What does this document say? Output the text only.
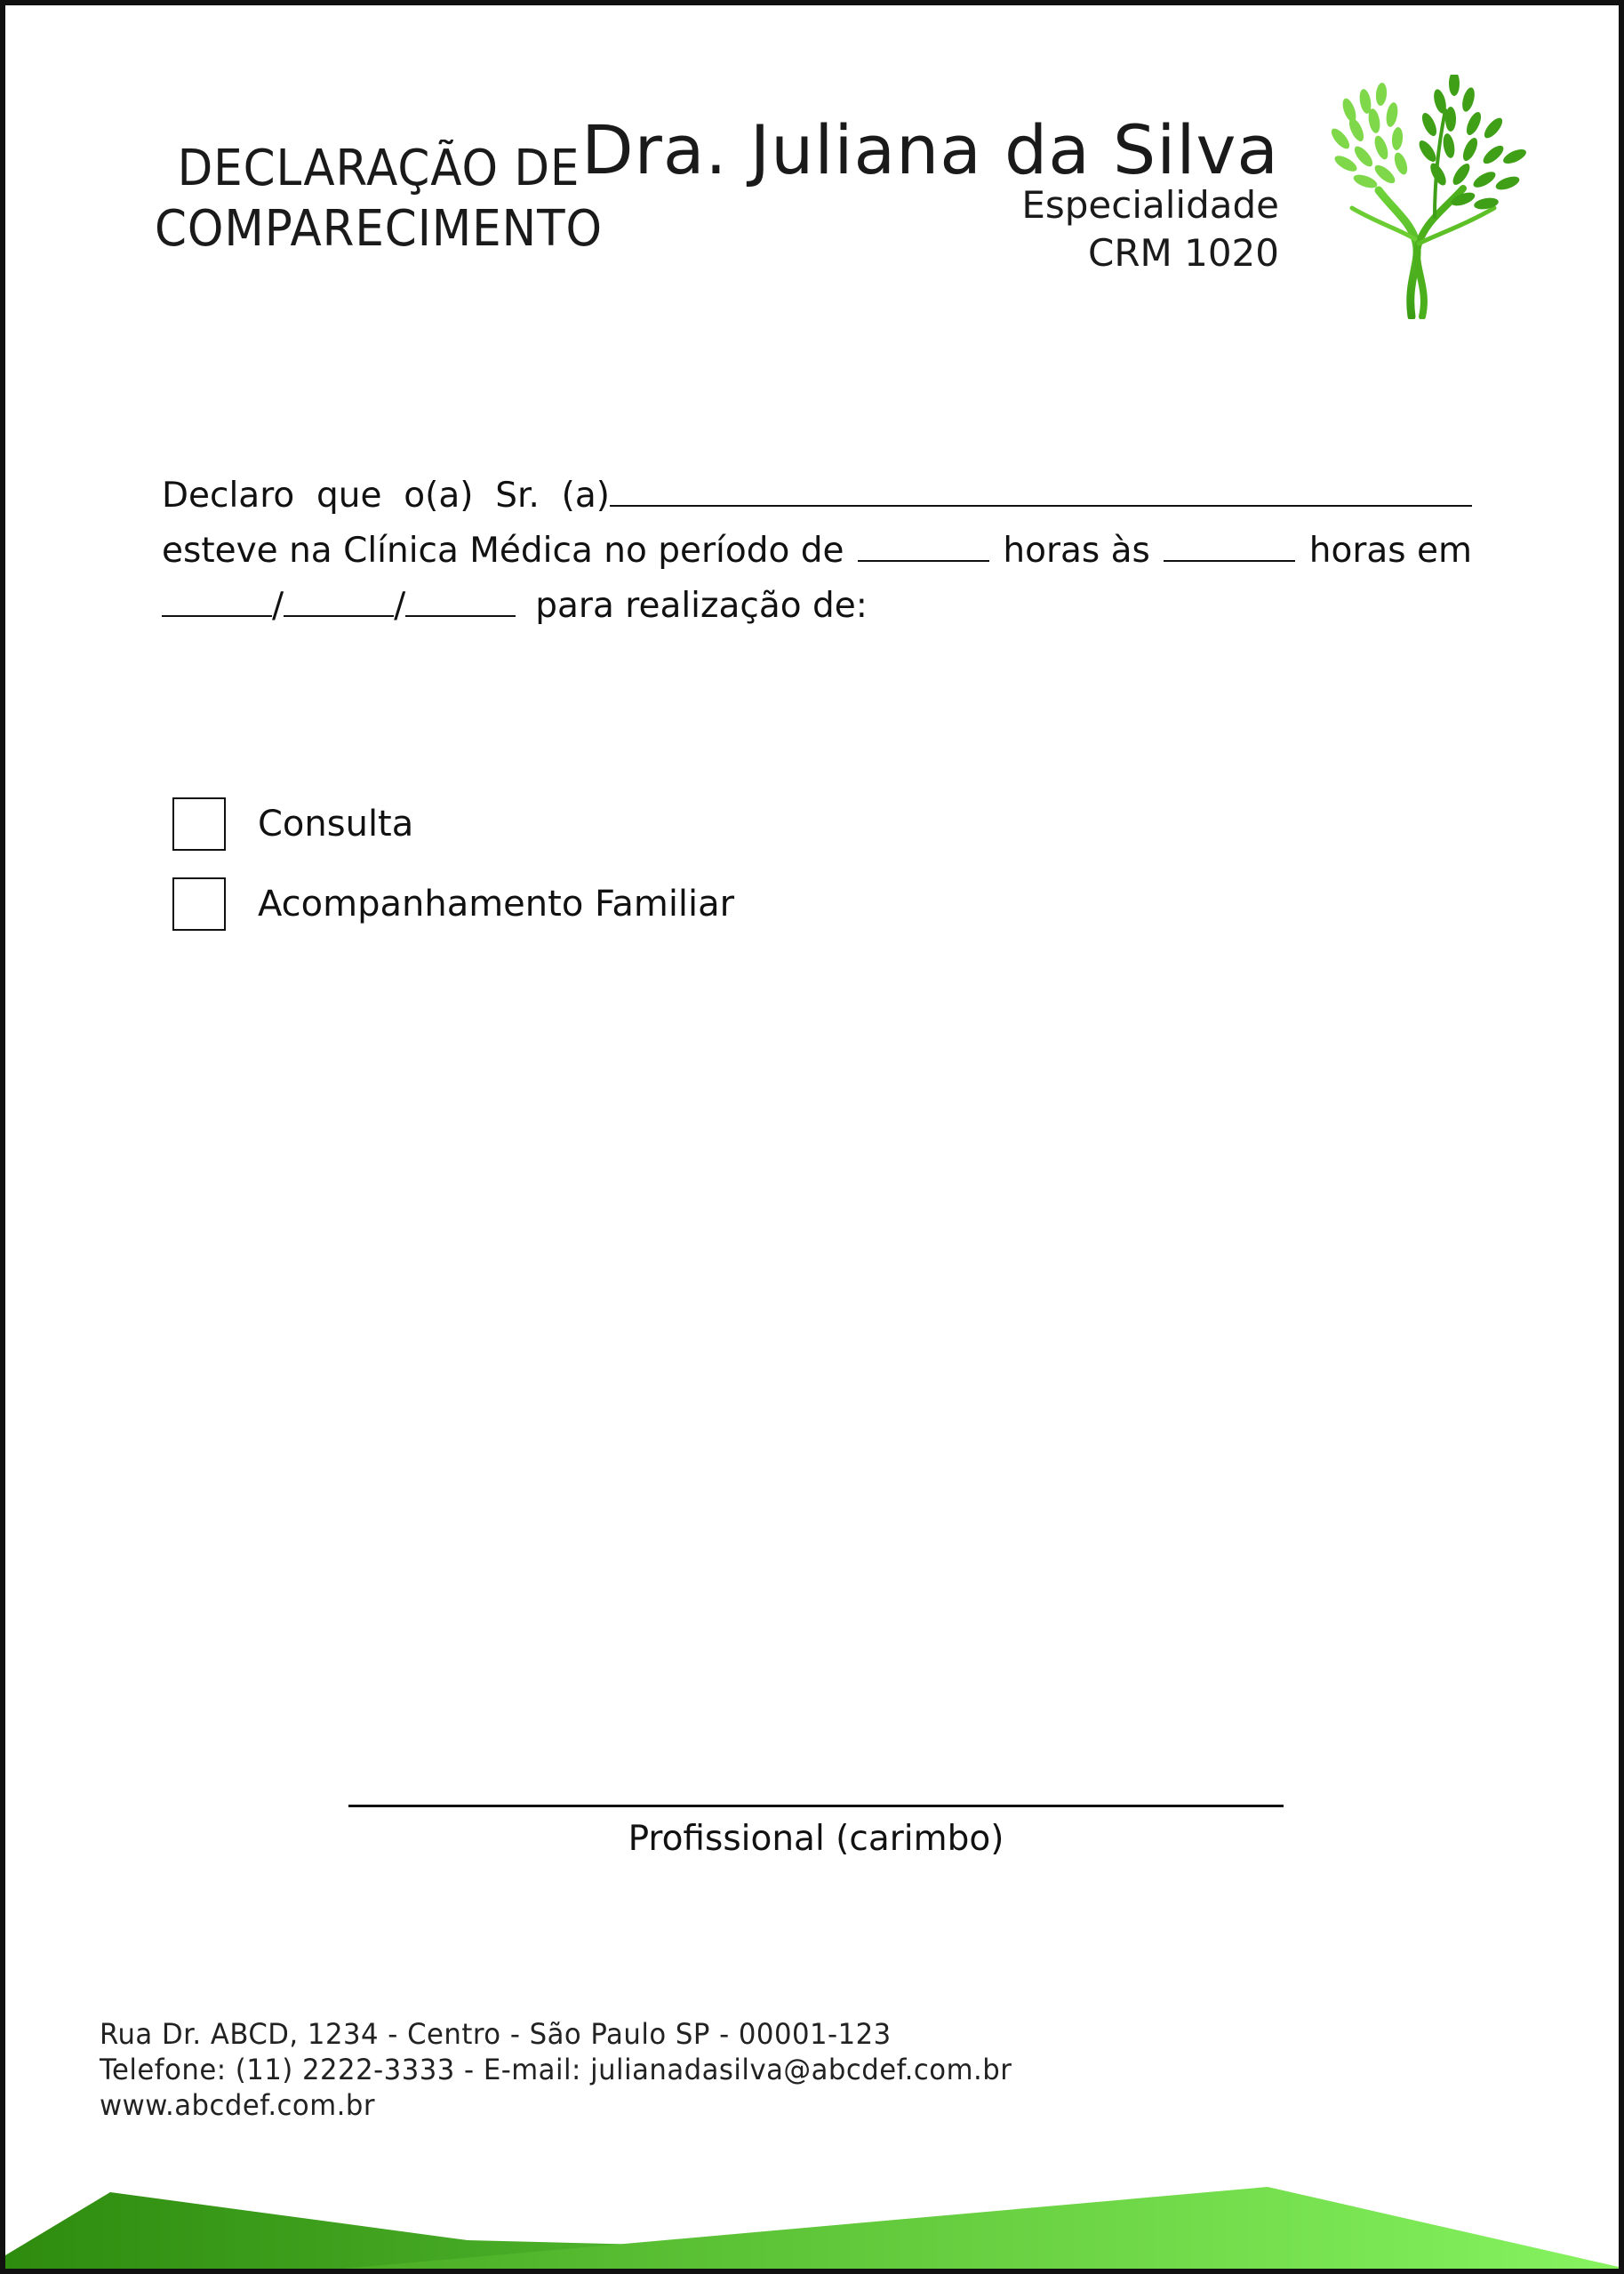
DECLARAÇÃO DE
COMPARECIMENTO
Dra. Juliana da Silva
Especialidade
CRM 1020
Declaro  que  o(a)  Sr.  (a)
esteve na Clínica Médica no período de	horas às	horas em
/	/	para realização de:
Consulta
Acompanhamento Familiar
Profissional (carimbo)
Rua Dr. ABCD, 1234 - Centro - São Paulo SP - 00001-123
Telefone: (11) 2222-3333 - E-mail: julianadasilva@abcdef.com.br
www.abcdef.com.br
